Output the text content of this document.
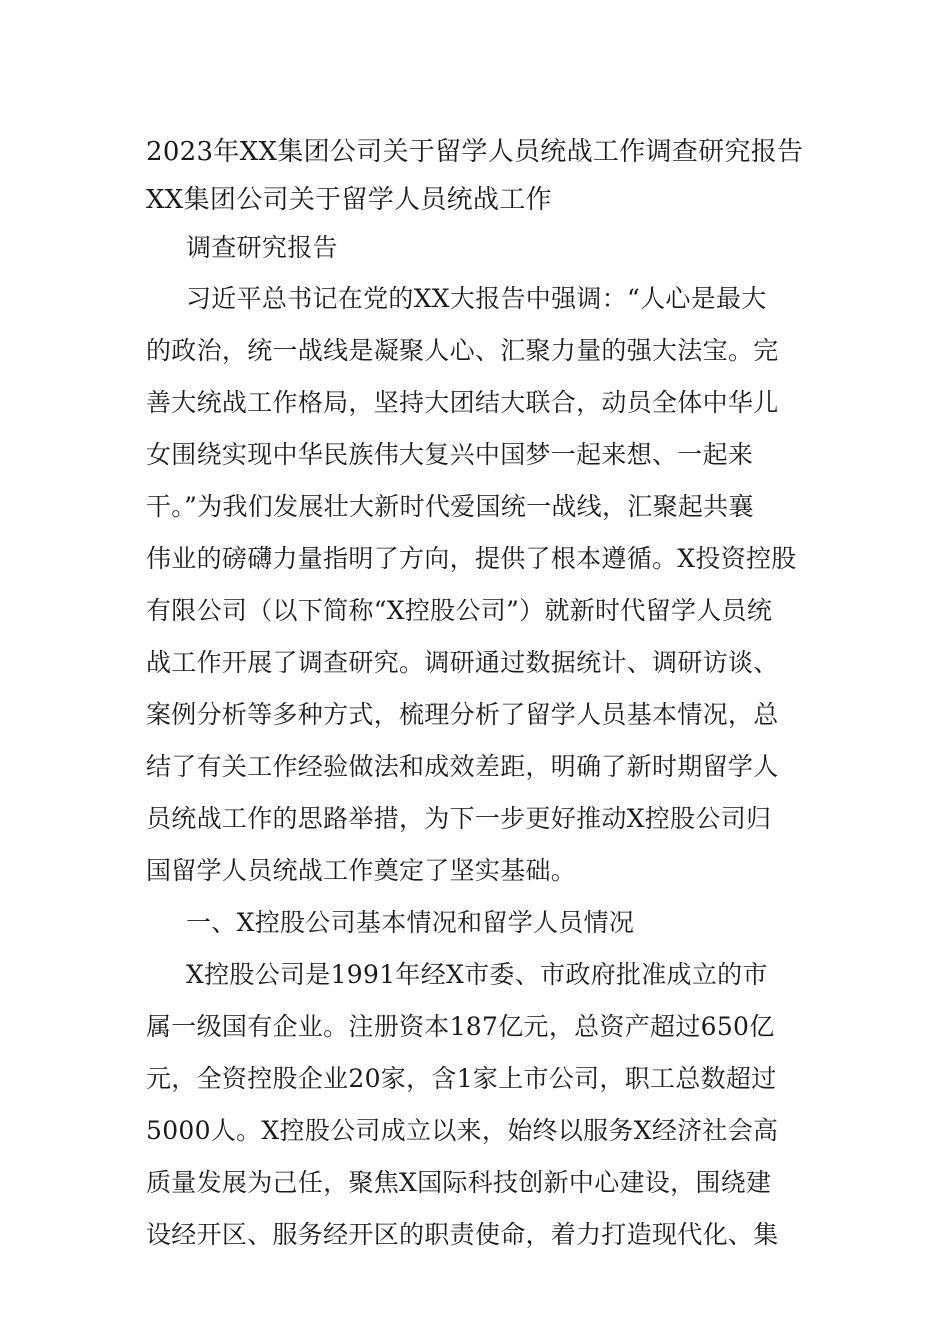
2023年XX集团公司关于留学人员统战工作调查研究报告
XX集团公司关于留学人员统战工作
调查研究报告
习近平总书记在党的XX大报告中强调：“人心是最大
的政治，统一战线是凝聚人心、汇聚力量的强大法宝。完
善大统战工作格局，坚持大团结大联合，动员全体中华儿
女围绕实现中华民族伟大复兴中国梦一起来想、一起来
干。”为我们发展壮大新时代爱国统一战线，汇聚起共襄
伟业的磅礴力量指明了方向，提供了根本遵循。X投资控股
有限公司（以下简称“X控股公司”）就新时代留学人员统
战工作开展了调查研究。调研通过数据统计、调研访谈、
案例分析等多种方式，梳理分析了留学人员基本情况，总
结了有关工作经验做法和成效差距，明确了新时期留学人
员统战工作的思路举措，为下一步更好推动X控股公司归
国留学人员统战工作奠定了坚实基础。
一、X控股公司基本情况和留学人员情况
X控股公司是1991年经X市委、市政府批准成立的市
属一级国有企业。注册资本187亿元，总资产超过650亿
元，全资控股企业20家，含1家上市公司，职工总数超过
5000人。X控股公司成立以来，始终以服务X经济社会高
质量发展为己任，聚焦X国际科技创新中心建设，围绕建
设经开区、服务经开区的职责使命，着力打造现代化、集
